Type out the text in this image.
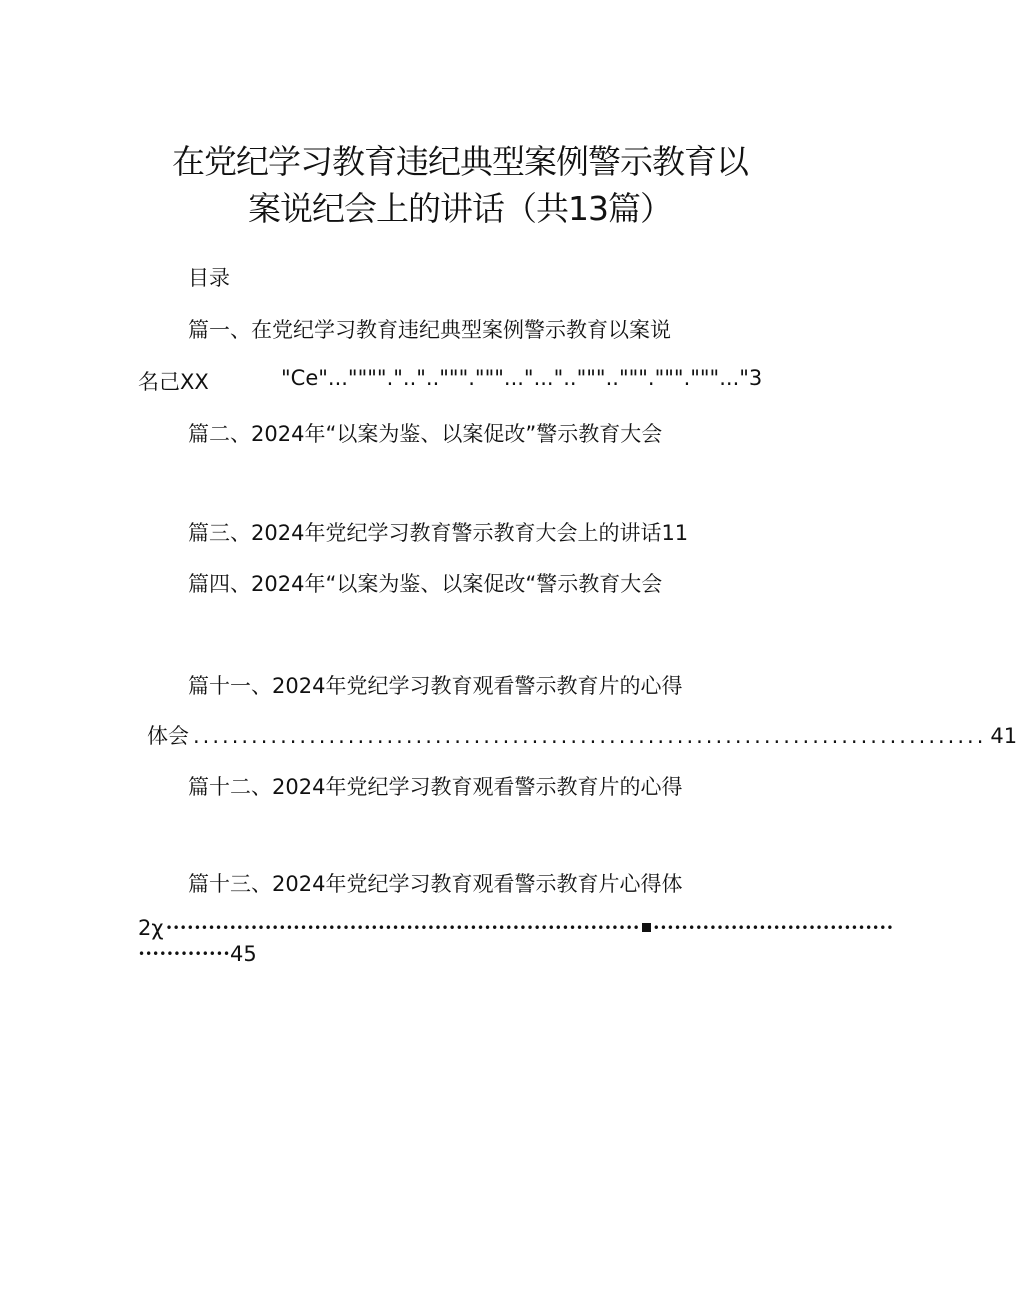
在党纪学习教育违纪典型案例警示教育以
案说纪会上的讲话（共13篇）
目录
篇一、在党纪学习教育违纪典型案例警示教育以案说
名己XX	"Ce"...""""."..".."""."""..."..."..""".."""."""."""..."3
篇二、2024年“以案为鉴、以案促改”警示教育大会
篇三、2024年党纪学习教育警示教育大会上的讲话11
篇四、2024年“以案为鉴、以案促改“警示教育大会
篇十一、2024年党纪学习教育观看警示教育片的心得
体会 .................................................................................. 41
篇十二、2024年党纪学习教育观看警示教育片的心得
篇十三、2024年党纪学习教育观看警示教育片心得体
2χ ••••••••••••••••••••••••••••••••••••••••••••••••••••••••••••••••••• ••••••••••••••••••••••••••••••••••
••••••••••••• 45
